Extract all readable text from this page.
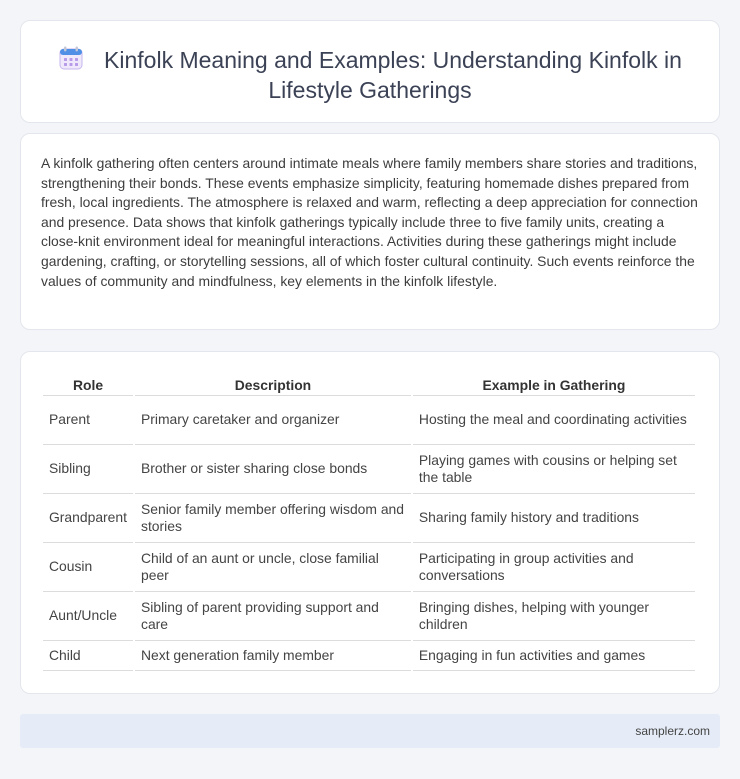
Kinfolk Meaning and Examples: Understanding Kinfolk in Lifestyle Gatherings

A kinfolk gathering often centers around intimate meals where family members share stories and traditions, strengthening their bonds. These events emphasize simplicity, featuring homemade dishes prepared from fresh, local ingredients. The atmosphere is relaxed and warm, reflecting a deep appreciation for connection and presence. Data shows that kinfolk gatherings typically include three to five family units, creating a close-knit environment ideal for meaningful interactions. Activities during these gatherings might include gardening, crafting, or storytelling sessions, all of which foster cultural continuity. Such events reinforce the values of community and mindfulness, key elements in the kinfolk lifestyle.

Role	Description	Example in Gathering
Parent	Primary caretaker and organizer	Hosting the meal and coordinating activities
Sibling	Brother or sister sharing close bonds	Playing games with cousins or helping set the table
Grandparent	Senior family member offering wisdom and stories	Sharing family history and traditions
Cousin	Child of an aunt or uncle, close familial peer	Participating in group activities and conversations
Aunt/Uncle	Sibling of parent providing support and care	Bringing dishes, helping with younger children
Child	Next generation family member	Engaging in fun activities and games
samplerz.com
